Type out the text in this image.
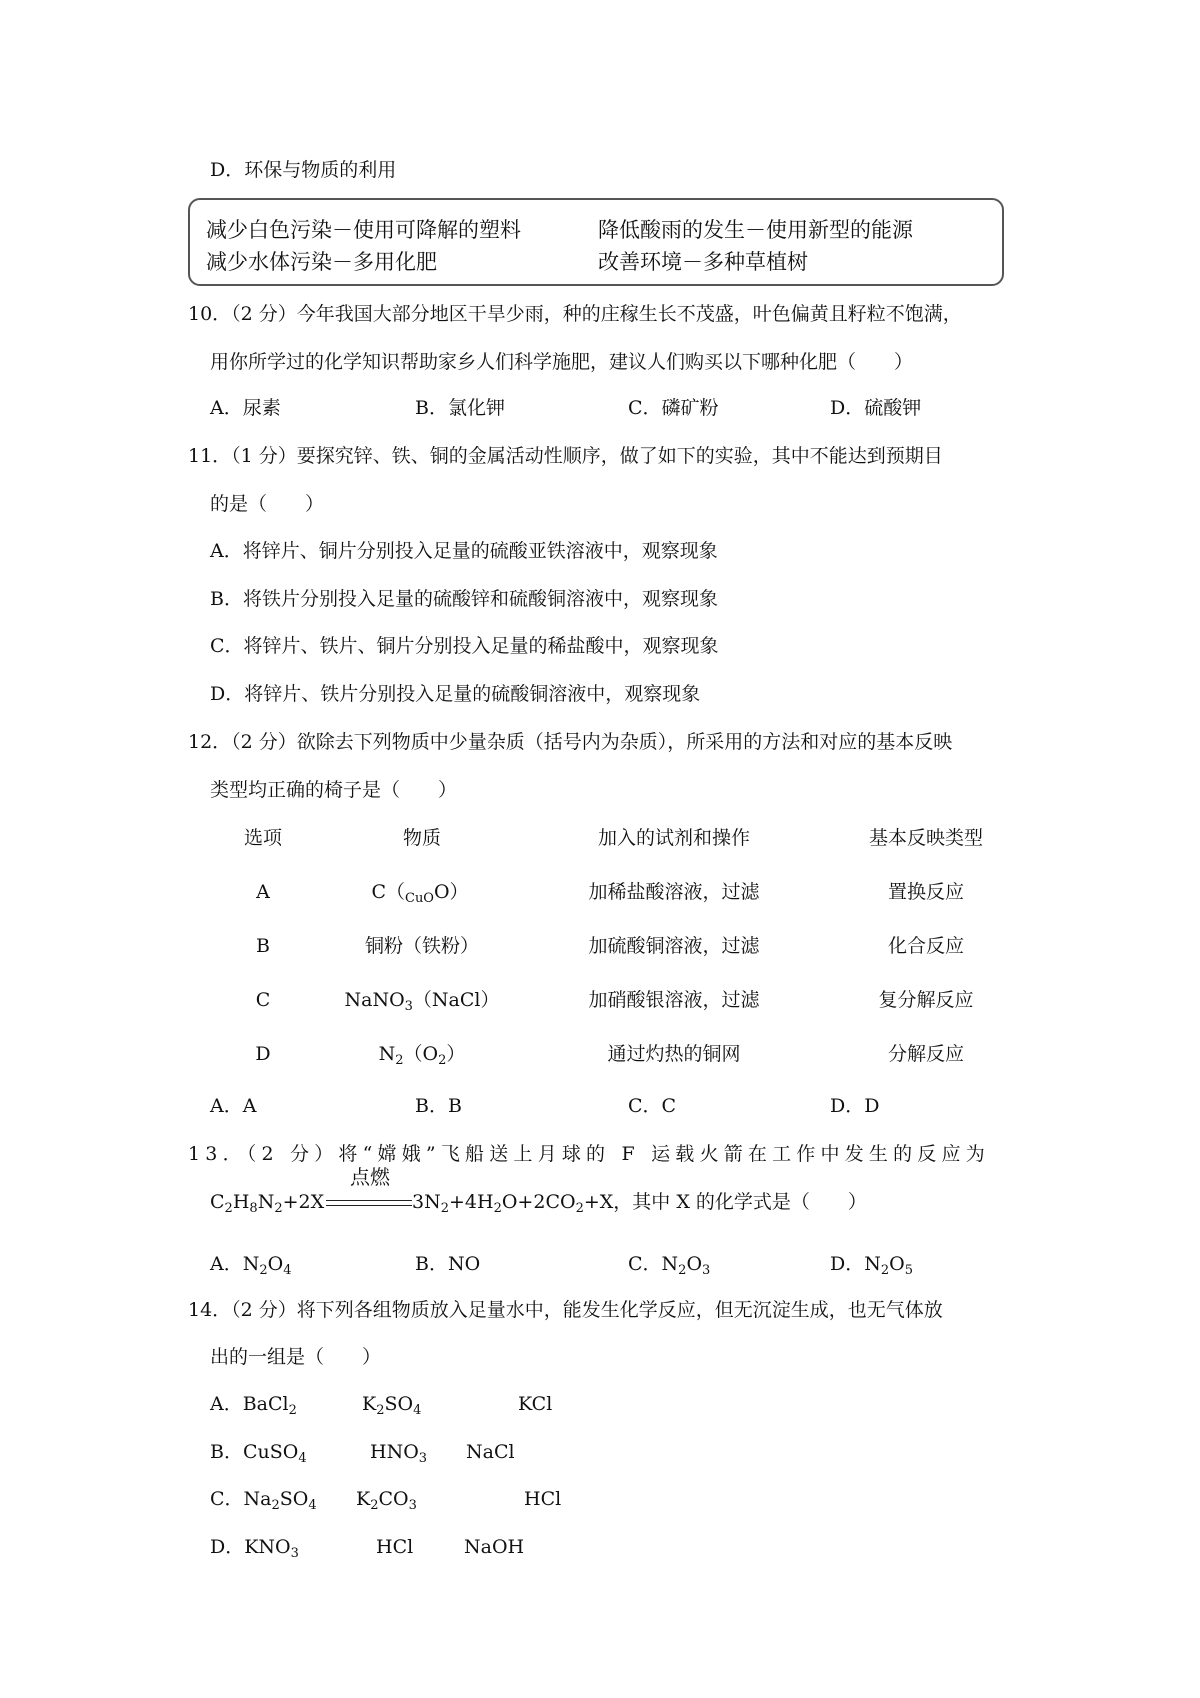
D．环保与物质的利用
减少白色污染－使用可降解的塑料	降低酸雨的发生－使用新型的能源
减少水体污染－多用化肥	改善环境－多种草植树
10．（2 分）今年我国大部分地区干旱少雨，种的庄稼生长不茂盛，叶色偏黄且籽粒不饱满，
用你所学过的化学知识帮助家乡人们科学施肥，建议人们购买以下哪种化肥（　　）
A．尿素	B．氯化钾	C．磷矿粉	D．硫酸钾
11．（1 分）要探究锌、铁、铜的金属活动性顺序，做了如下的实验，其中不能达到预期目
的是（　　）
A．将锌片、铜片分别投入足量的硫酸亚铁溶液中，观察现象
B．将铁片分别投入足量的硫酸锌和硫酸铜溶液中，观察现象
C．将锌片、铁片、铜片分别投入足量的稀盐酸中，观察现象
D．将锌片、铁片分别投入足量的硫酸铜溶液中，观察现象
12．（2 分）欲除去下列物质中少量杂质（括号内为杂质），所采用的方法和对应的基本反映
类型均正确的椅子是（　　）
选项	物质	加入的试剂和操作	基本反映类型
A	$C(_{CuO}O)$	加稀盐酸溶液，过滤	置换反应
B	铜粉（铁粉）	加硫酸铜溶液，过滤	化合反应
C	NaNO$_3$（NaCl）	加硝酸银溶液，过滤	复分解反应
D	$N_2(O_2)$	通过灼热的铜网	分解反应
A．A	B．B	C．C	D．D
13．（2 分）将“嫦娥”飞船送上月球的 F 运载火箭在工作中发生的反应为
点燃
$C_2H_8N_2+2X$	$3N_2+4H_2O+2CO_2+X$，其中 X 的化学式是（　　）
A．$N_2O_4$	B．NO	C．$N_2O_3$	D．$N_2O_5$
14．（2 分）将下列各组物质放入足量水中，能发生化学反应，但无沉淀生成，也无气体放
出的一组是（　　）
A．BaCl$_2$	$K_2SO_4$	KCl
B．CuSO$_4$	$HNO_3$ NaCl
C．$Na_2SO_4$ $K_2CO_3$	HCl
D．$KNO_3$	HCl	NaOH
